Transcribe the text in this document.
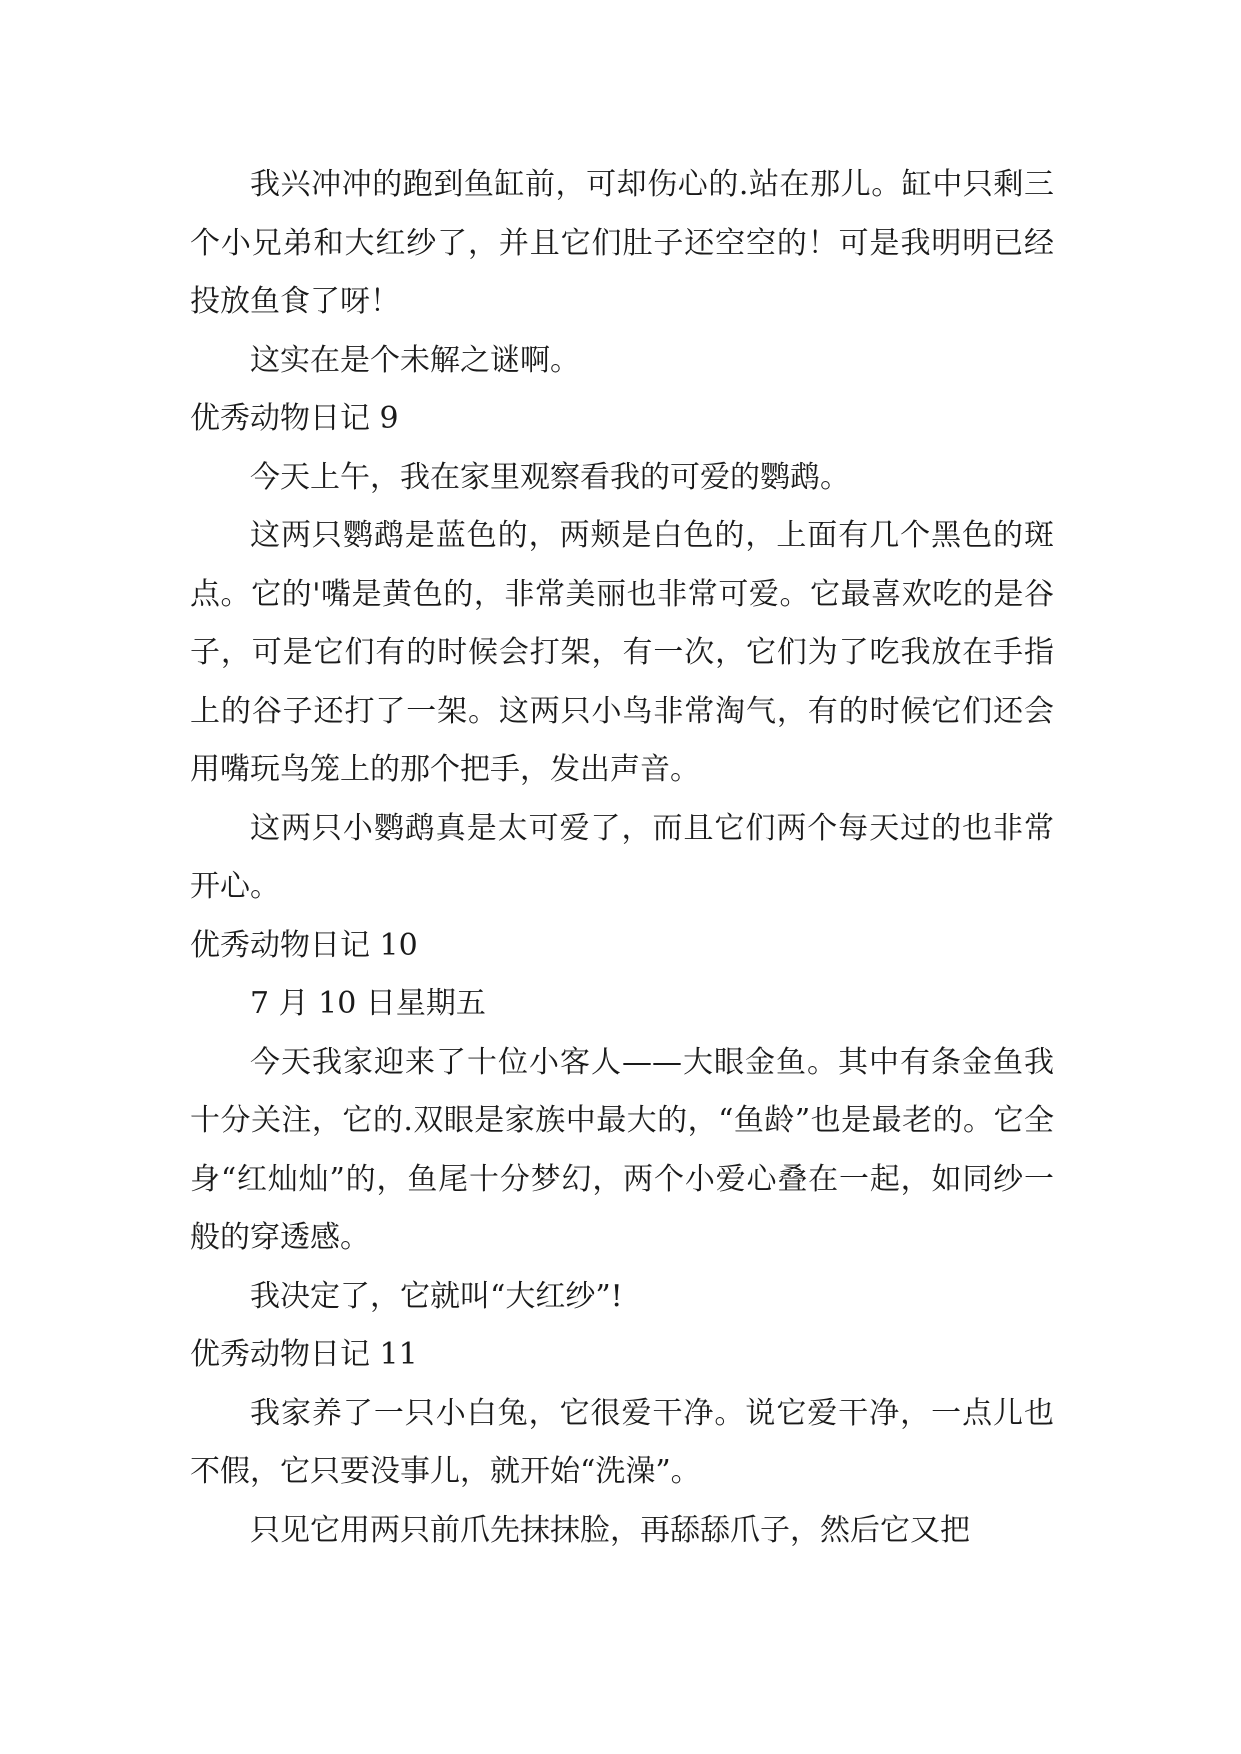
我兴冲冲的跑到鱼缸前，可却伤心的.站在那儿。缸中只剩三个小兄弟和大红纱了，并且它们肚子还空空的！可是我明明已经投放鱼食了呀！

这实在是个未解之谜啊。

优秀动物日记 9

今天上午，我在家里观察看我的可爱的鹦鹉。

这两只鹦鹉是蓝色的，两颊是白色的，上面有几个黑色的斑点。它的'嘴是黄色的，非常美丽也非常可爱。它最喜欢吃的是谷子，可是它们有的时候会打架，有一次，它们为了吃我放在手指上的谷子还打了一架。这两只小鸟非常淘气，有的时候它们还会用嘴玩鸟笼上的那个把手，发出声音。

这两只小鹦鹉真是太可爱了，而且它们两个每天过的也非常开心。

优秀动物日记 10

7 月 10 日星期五

今天我家迎来了十位小客人——大眼金鱼。其中有条金鱼我十分关注，它的.双眼是家族中最大的，“鱼龄”也是最老的。它全身“红灿灿”的，鱼尾十分梦幻，两个小爱心叠在一起，如同纱一般的穿透感。

我决定了，它就叫“大红纱”!

优秀动物日记 11

我家养了一只小白兔，它很爱干净。说它爱干净，一点儿也不假，它只要没事儿，就开始“洗澡”。

只见它用两只前爪先抹抹脸，再舔舔爪子，然后它又把
